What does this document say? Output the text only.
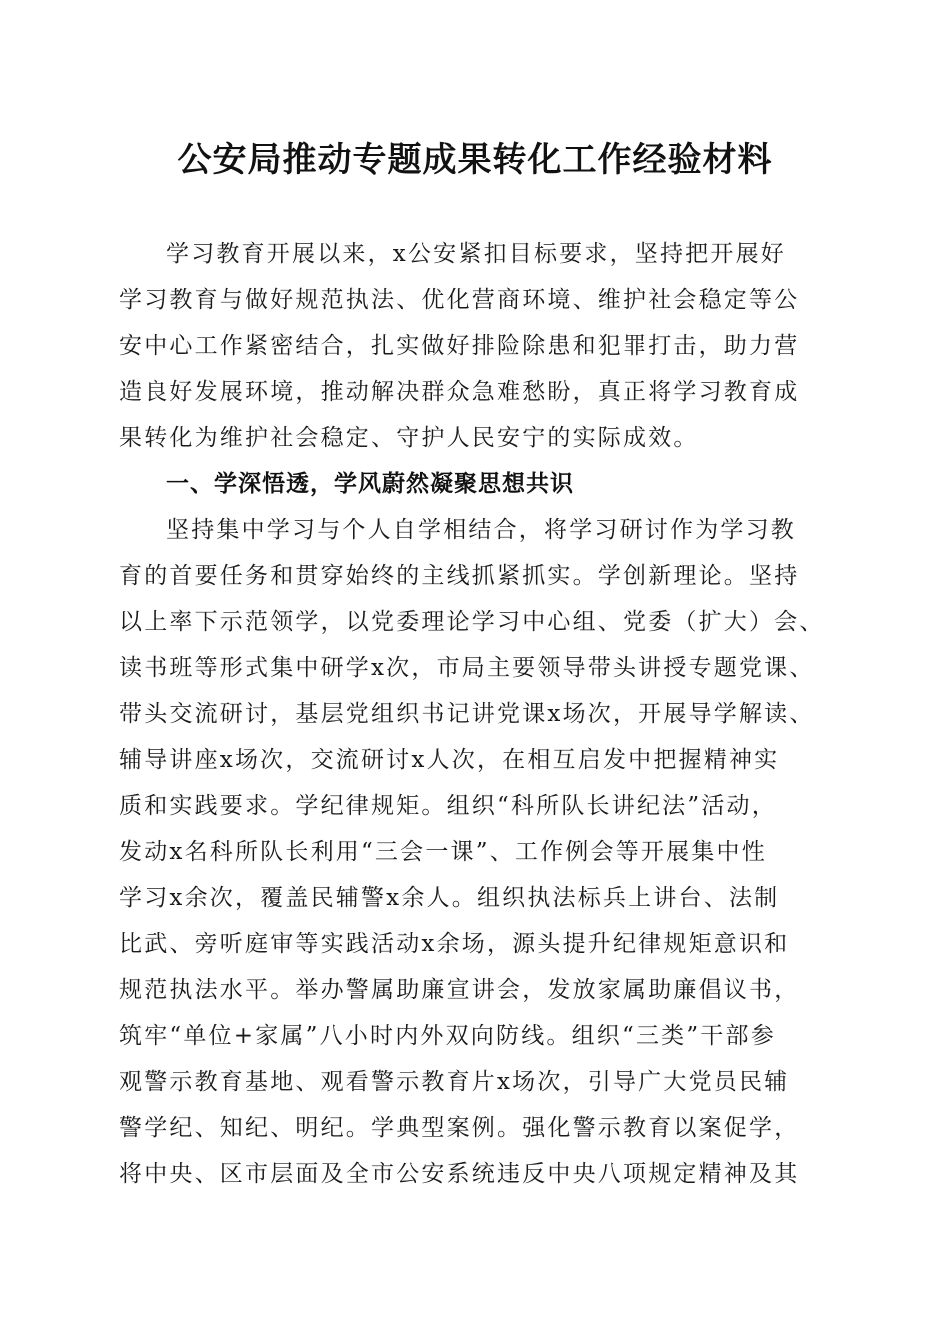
公安局推动专题成果转化工作经验材料
学习教育开展以来，x公安紧扣目标要求，坚持把开展好
学习教育与做好规范执法、优化营商环境、维护社会稳定等公
安中心工作紧密结合，扎实做好排险除患和犯罪打击，助力营
造良好发展环境，推动解决群众急难愁盼，真正将学习教育成
果转化为维护社会稳定、守护人民安宁的实际成效。
一、学深悟透，学风蔚然凝聚思想共识
坚持集中学习与个人自学相结合，将学习研讨作为学习教
育的首要任务和贯穿始终的主线抓紧抓实。学创新理论。坚持
以上率下示范领学，以党委理论学习中心组、党委（扩大）会、
读书班等形式集中研学x次，市局主要领导带头讲授专题党课、
带头交流研讨，基层党组织书记讲党课x场次，开展导学解读、
辅导讲座x场次，交流研讨x人次，在相互启发中把握精神实
质和实践要求。学纪律规矩。组织“科所队长讲纪法”活动，
发动x名科所队长利用“三会一课”、工作例会等开展集中性
学习x余次，覆盖民辅警x余人。组织执法标兵上讲台、法制
比武、旁听庭审等实践活动x余场，源头提升纪律规矩意识和
规范执法水平。举办警属助廉宣讲会，发放家属助廉倡议书，
筑牢“单位+家属”八小时内外双向防线。组织“三类”干部参
观警示教育基地、观看警示教育片x场次，引导广大党员民辅
警学纪、知纪、明纪。学典型案例。强化警示教育以案促学，
将中央、区市层面及全市公安系统违反中央八项规定精神及其
